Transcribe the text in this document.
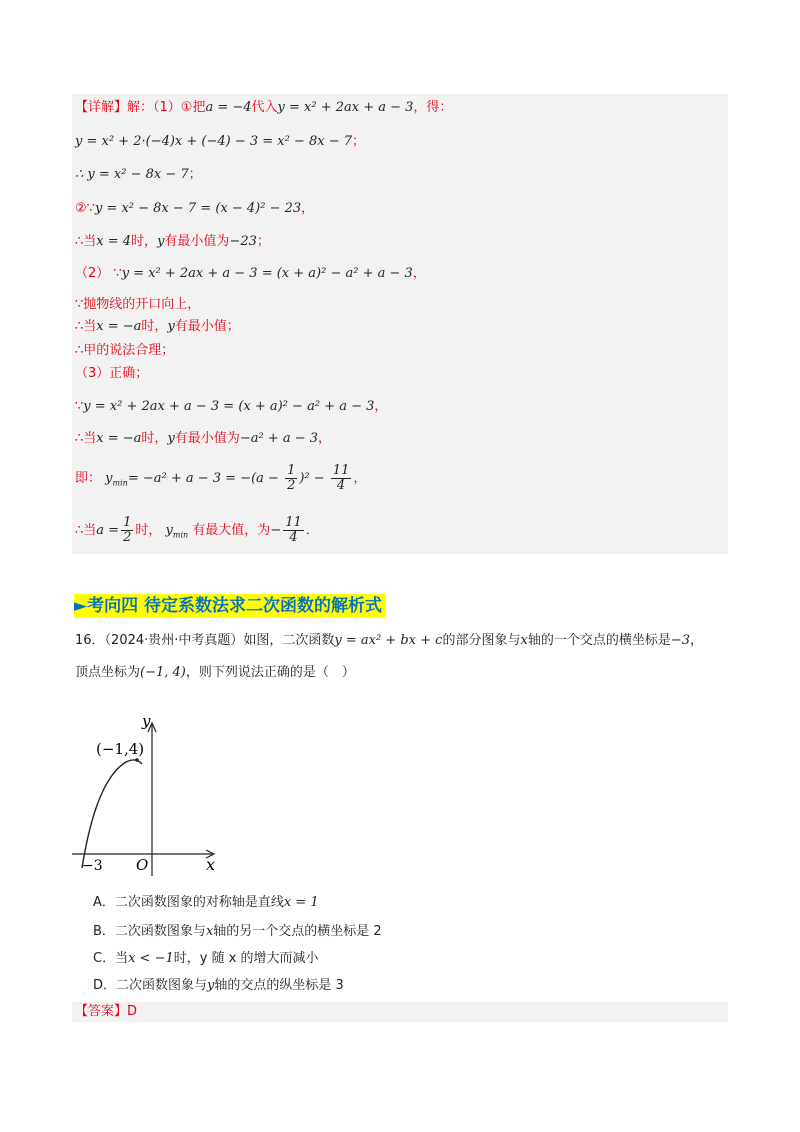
【详解】解：（1）①把a = −4代入y = x² + 2ax + a − 3，得：
y = x² + 2·(−4)x + (−4) − 3 = x² − 8x − 7；
∴ y = x² − 8x − 7；
②∵y = x² − 8x − 7 = (x − 4)² − 23，
∴当x = 4时，y有最小值为−23；
（2） ∵y = x² + 2ax + a − 3 = (x + a)² − a² + a − 3，
∵抛物线的开口向上，
∴当x = −a时，y有最小值；
∴甲的说法合理；
（3）正确；
∵y = x² + 2ax + a − 3 = (x + a)² − a² + a − 3，
∴当x = −a时，y有最小值为−a² + a − 3，
即： $y_{min}= -a^2 + a - 3 = -(a - \frac{1}{2} )^2 - \frac{11}{4}$ ，
∴当$a = \frac{1}{2}$ 时， $y_{min}$ 有最大值，为− $\frac{11}{4}$ ．
►考向四 待定系数法求二次函数的解析式
16．（2024·贵州·中考真题）如图，二次函数y = ax² + bx + c的部分图象与x轴的一个交点的横坐标是−3，
顶点坐标为(−1, 4)，则下列说法正确的是（　）
y
x
O
−3
(−1,4)
A．二次函数图象的对称轴是直线x = 1
B．二次函数图象与x轴的另一个交点的横坐标是 2
C．当x < −1时，y 随 x 的增大而减小
D．二次函数图象与y轴的交点的纵坐标是 3
【答案】D
